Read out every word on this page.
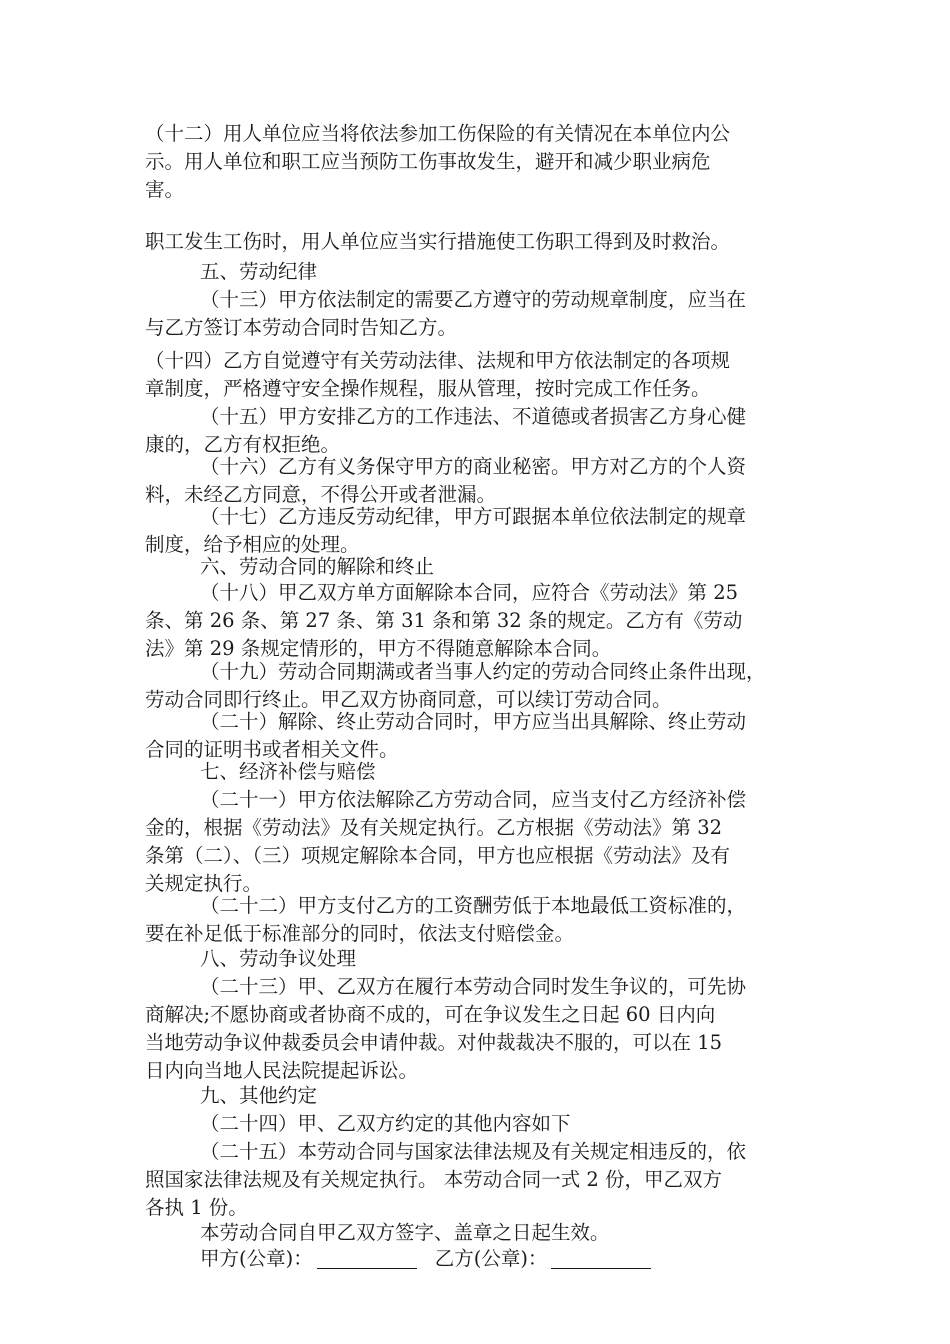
（十二）用人单位应当将依法参加工伤保险的有关情况在本单位内公
示。用人单位和职工应当预防工伤事故发生，避开和减少职业病危
害。
职工发生工伤时，用人单位应当实行措施使工伤职工得到及时救治。
五、劳动纪律
（十三）甲方依法制定的需要乙方遵守的劳动规章制度，应当在
与乙方签订本劳动合同时告知乙方。
（十四）乙方自觉遵守有关劳动法律、法规和甲方依法制定的各项规
章制度，严格遵守安全操作规程，服从管理，按时完成工作任务。
（十五）甲方安排乙方的工作违法、不道德或者损害乙方身心健
康的，乙方有权拒绝。
（十六）乙方有义务保守甲方的商业秘密。甲方对乙方的个人资
料，未经乙方同意，不得公开或者泄漏。
（十七）乙方违反劳动纪律，甲方可跟据本单位依法制定的规章
制度，给予相应的处理。
六、劳动合同的解除和终止
（十八）甲乙双方单方面解除本合同，应符合《劳动法》第 25
条、第 26 条、第 27 条、第 31 条和第 32 条的规定。乙方有《劳动
法》第 29 条规定情形的，甲方不得随意解除本合同。
（十九）劳动合同期满或者当事人约定的劳动合同终止条件出现，
劳动合同即行终止。甲乙双方协商同意，可以续订劳动合同。
（二十）解除、终止劳动合同时，甲方应当出具解除、终止劳动
合同的证明书或者相关文件。
七、经济补偿与赔偿
（二十一）甲方依法解除乙方劳动合同，应当支付乙方经济补偿
金的，根据《劳动法》及有关规定执行。乙方根据《劳动法》第 32
条第（二）、（三）项规定解除本合同，甲方也应根据《劳动法》及有
关规定执行。
（二十二）甲方支付乙方的工资酬劳低于本地最低工资标准的，
要在补足低于标准部分的同时，依法支付赔偿金。
八、劳动争议处理
（二十三）甲、乙双方在履行本劳动合同时发生争议的，可先协
商解决;不愿协商或者协商不成的，可在争议发生之日起 60 日内向
当地劳动争议仲裁委员会申请仲裁。对仲裁裁决不服的，可以在 15
日内向当地人民法院提起诉讼。
九、其他约定
（二十四）甲、乙双方约定的其他内容如下
（二十五）本劳动合同与国家法律法规及有关规定相违反的，依
照国家法律法规及有关规定执行。 本劳动合同一式 2 份，甲乙双方
各执 1 份。
本劳动合同自甲乙双方签字、盖章之日起生效。
甲方(公章)：	乙方(公章)：
